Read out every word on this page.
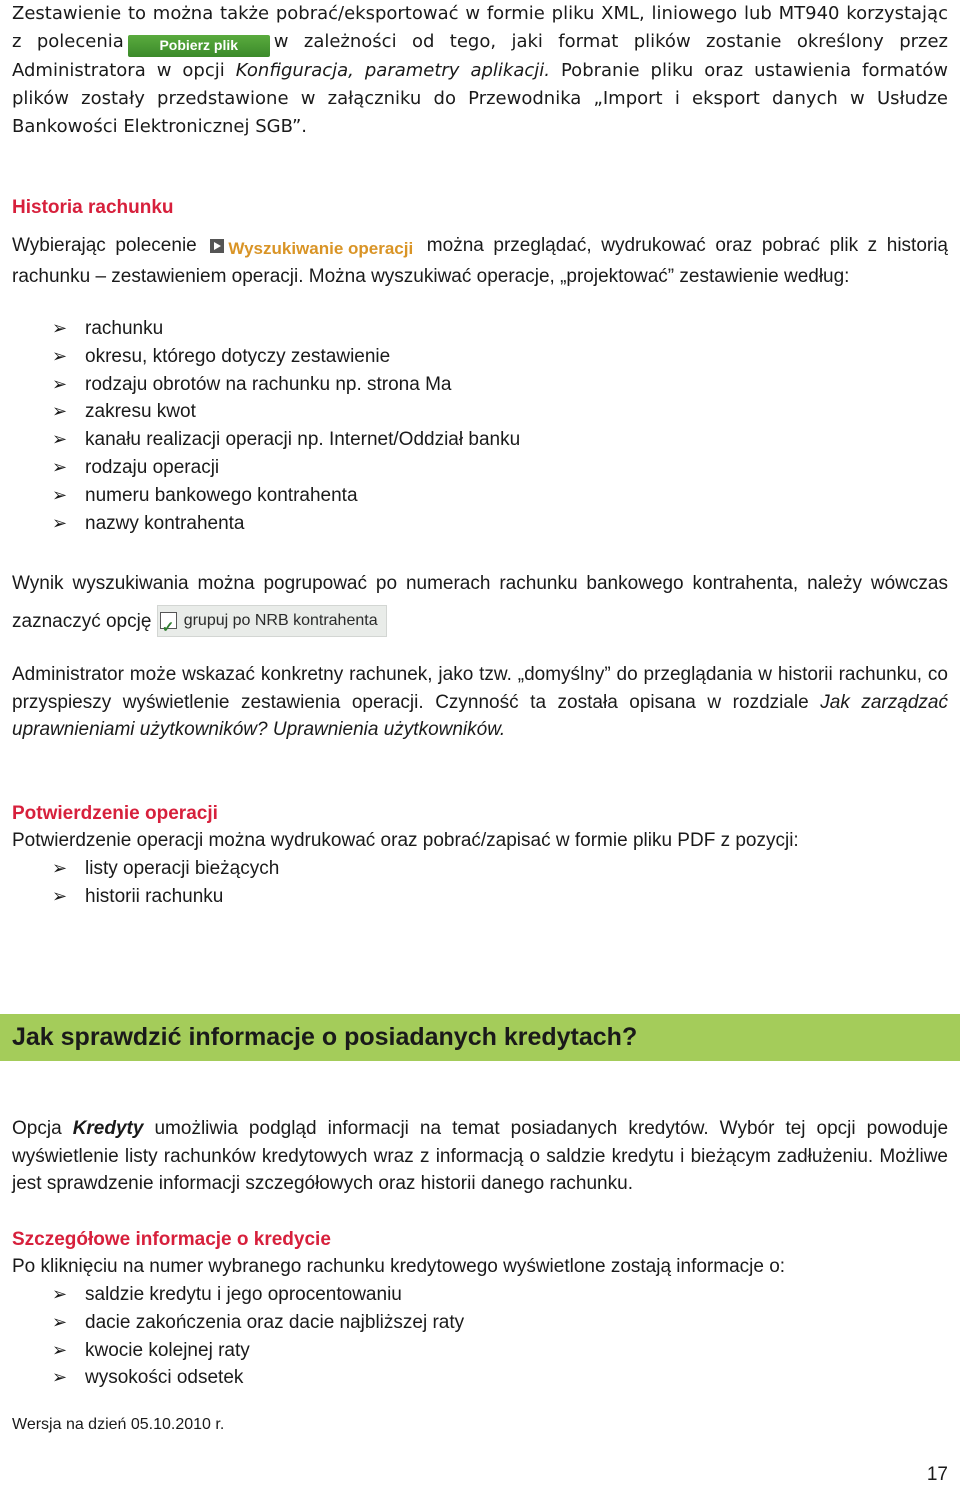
Zestawienie to można także pobrać/eksportować w formie pliku XML, liniowego lub MT940 korzystając z polecenia	Pobierz plik w zależności od tego, jaki format plików zostanie określony przez Administratora w opcji Konfiguracja, parametry aplikacji. Pobranie pliku oraz ustawienia formatów plików zostały przedstawione w załączniku do Przewodnika „Import i eksport danych w Usłudze Bankowości Elektronicznej SGB”.

Historia rachunku

Wybierając polecenie Wyszukiwanie operacji można przeglądać, wydrukować oraz pobrać plik z historią rachunku – zestawieniem operacji. Można wyszukiwać operacje, „projektować” zestawienie według:

➢ rachunku
➢ okresu, którego dotyczy zestawienie
➢ rodzaju obrotów na rachunku np. strona Ma
➢ zakresu kwot
➢ kanału realizacji operacji np. Internet/Oddział banku
➢ rodzaju operacji
➢ numeru bankowego kontrahenta
➢ nazwy kontrahenta

Wynik wyszukiwania można pogrupować po numerach rachunku bankowego kontrahenta, należy wówczas zaznaczyć opcję
✓ grupuj po NRB kontrahenta

Administrator może wskazać konkretny rachunek, jako tzw. „domyślny” do przeglądania w historii rachunku, co przyspieszy wyświetlenie zestawienia operacji. Czynność ta została opisana w rozdziale Jak zarządzać uprawnieniami użytkowników? Uprawnienia użytkowników.

Potwierdzenie operacji

Potwierdzenie operacji można wydrukować oraz pobrać/zapisać w formie pliku PDF z pozycji:

➢ listy operacji bieżących
➢ historii rachunku
Jak sprawdzić informacje o posiadanych kredytach?

Opcja Kredyty umożliwia podgląd informacji na temat posiadanych kredytów. Wybór tej opcji powoduje wyświetlenie listy rachunków kredytowych wraz z informacją o saldzie kredytu i bieżącym zadłużeniu. Możliwe jest sprawdzenie informacji szczegółowych oraz historii danego rachunku.

Szczegółowe informacje o kredycie

Po kliknięciu na numer wybranego rachunku kredytowego wyświetlone zostają informacje o:

➢ saldzie kredytu i jego oprocentowaniu
➢ dacie zakończenia oraz dacie najbliższej raty
➢ kwocie kolejnej raty
➢ wysokości odsetek
Wersja na dzień 05.10.2010 r.
17
